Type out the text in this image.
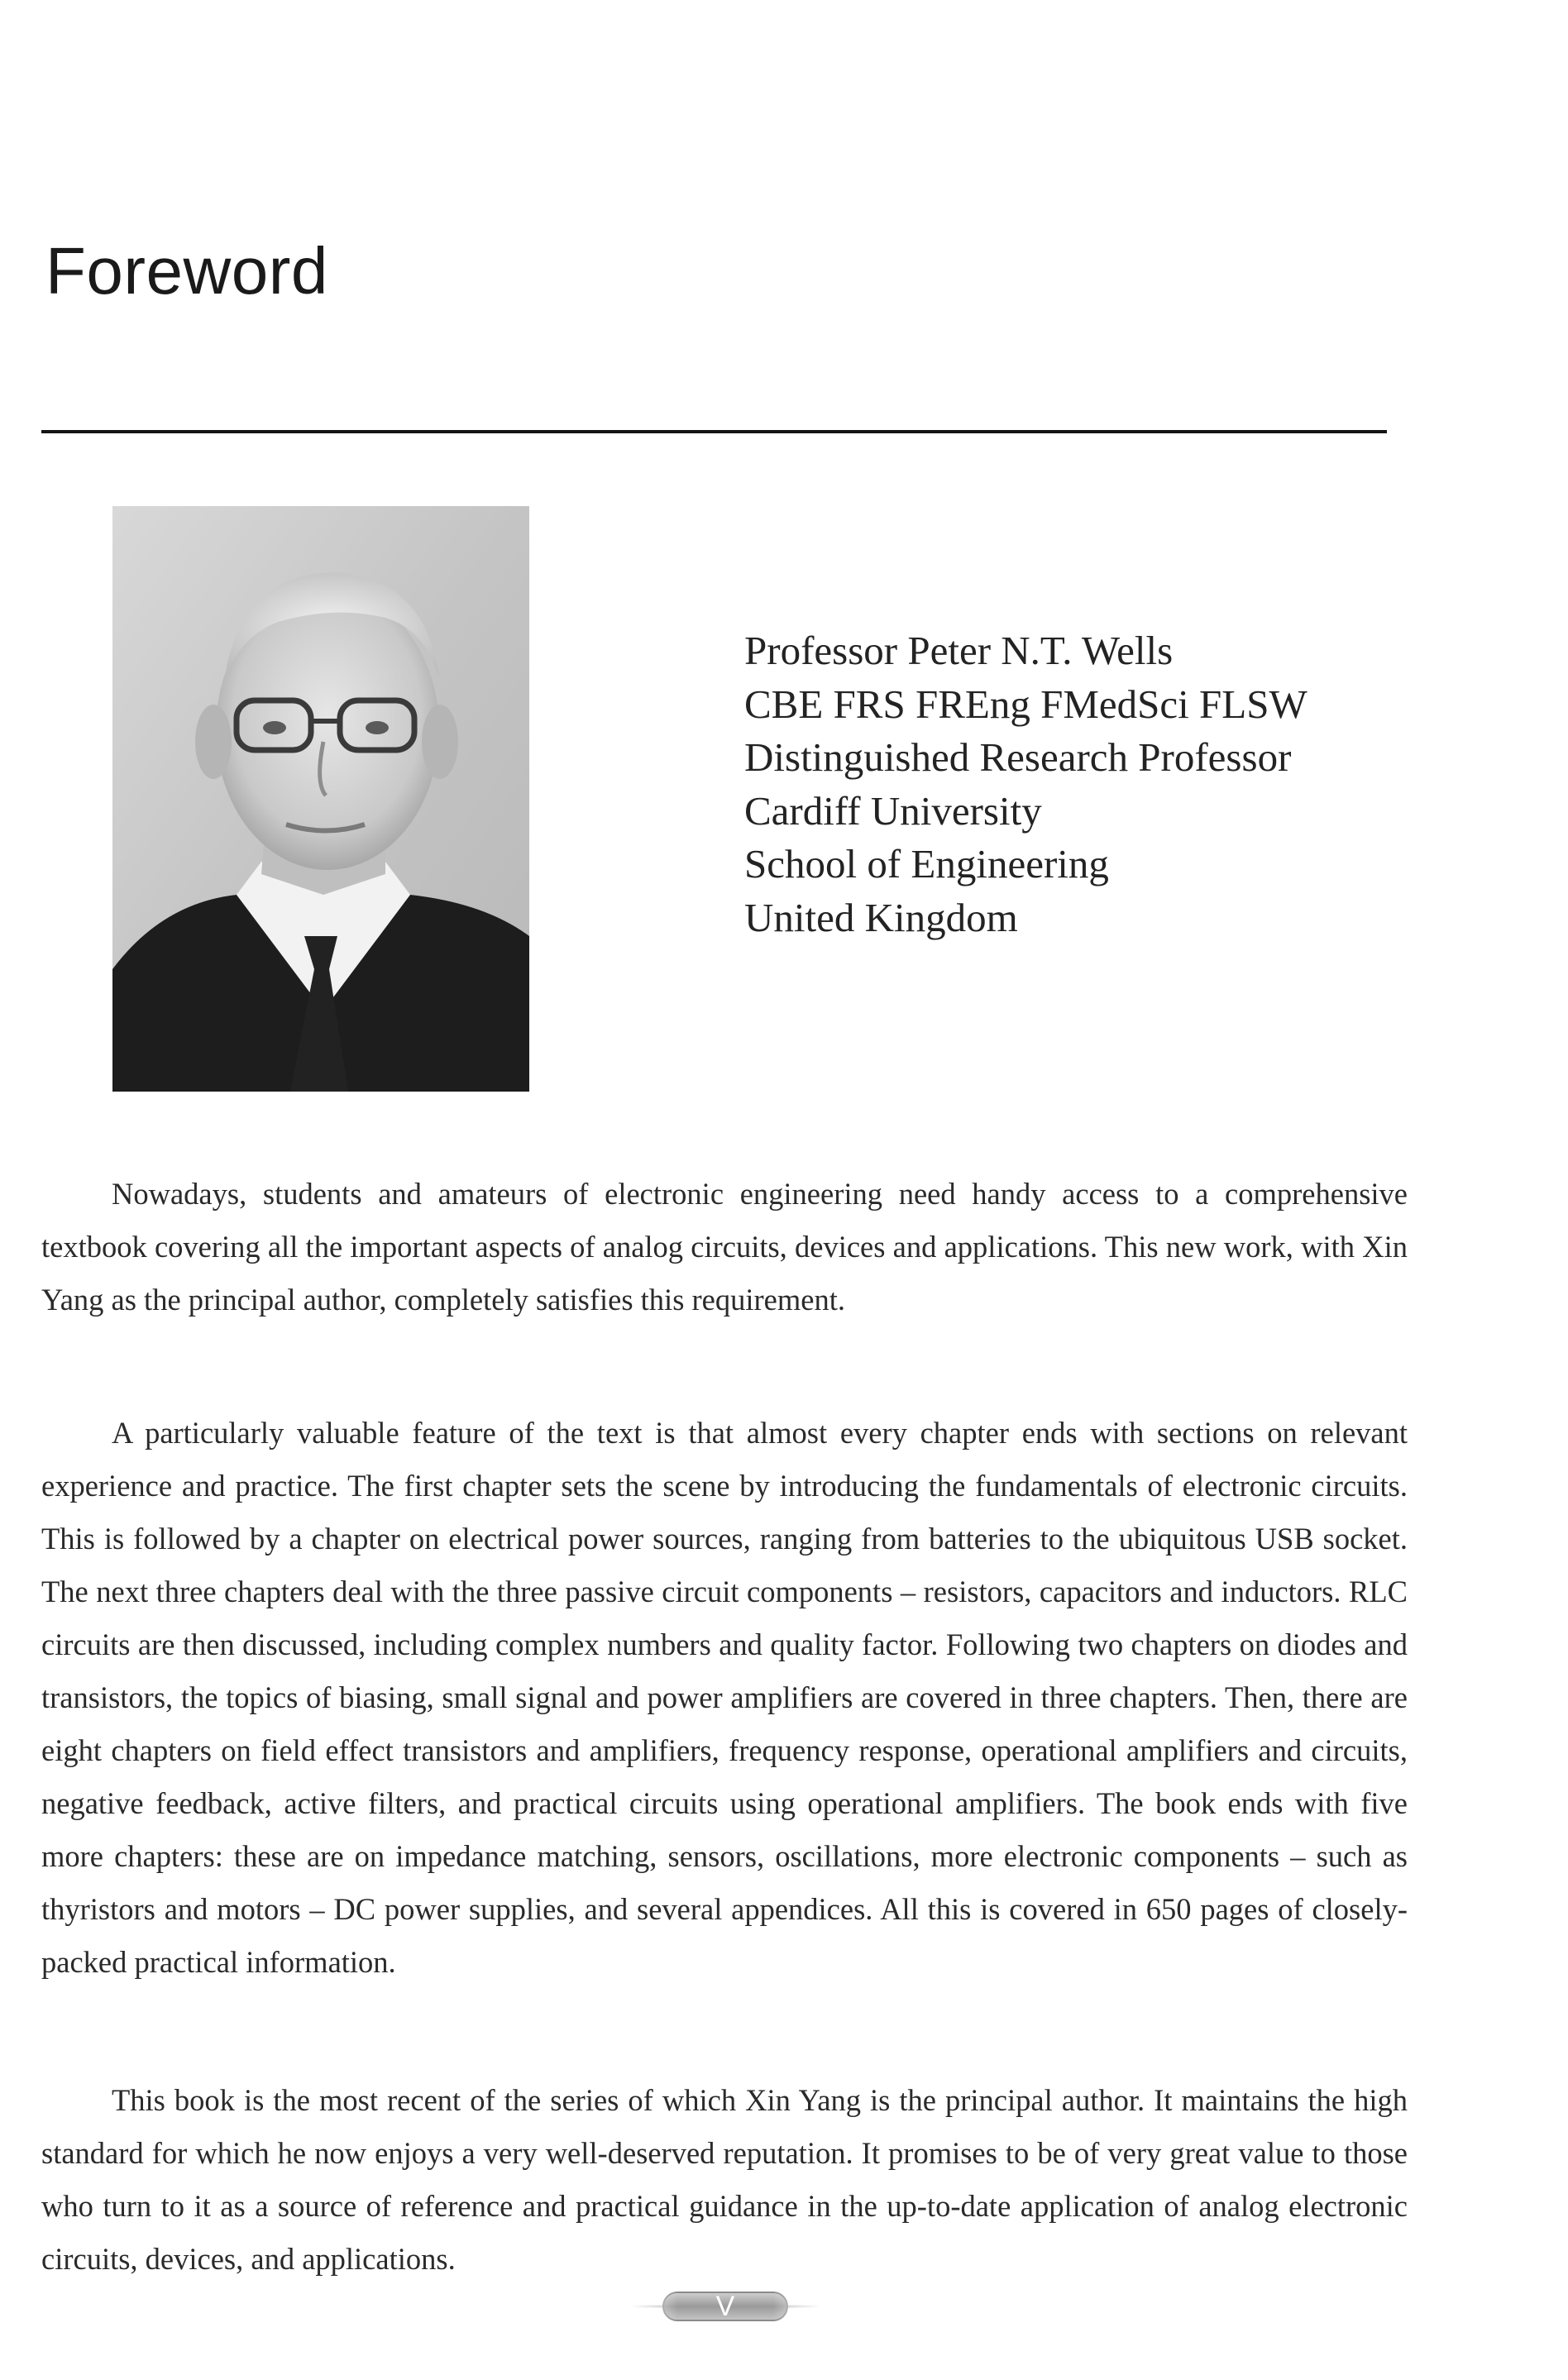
Foreword
Professor Peter N.T. Wells
CBE FRS FREng FMedSci FLSW
Distinguished Research Professor
Cardiff University
School of Engineering
United Kingdom

Nowadays, students and amateurs of electronic engineering need handy access to a comprehensive textbook covering all the important aspects of analog circuits, devices and applications. This new work, with Xin Yang as the principal author, completely satisfies this requirement.

A particularly valuable feature of the text is that almost every chapter ends with sections on relevant experience and practice. The first chapter sets the scene by introducing the fundamentals of electronic circuits. This is followed by a chapter on electrical power sources, ranging from batteries to the ubiquitous USB socket. The next three chapters deal with the three passive circuit components – resistors, capacitors and inductors. RLC circuits are then discussed, including complex numbers and quality factor. Following two chapters on diodes and transistors, the topics of biasing, small signal and power amplifiers are covered in three chapters. Then, there are eight chapters on field effect transistors and amplifiers, frequency response, operational amplifiers and circuits, negative feedback, active filters, and practical circuits using operational amplifiers. The book ends with five more chapters: these are on impedance matching, sensors, oscillations, more electronic components – such as thyristors and motors – DC power supplies, and several appendices. All this is covered in 650 pages of closely-packed practical information.

This book is the most recent of the series of which Xin Yang is the principal author. It maintains the high standard for which he now enjoys a very well-deserved reputation. It promises to be of very great value to those who turn to it as a source of reference and practical guidance in the up-to-date application of analog electronic circuits, devices, and applications.

V
